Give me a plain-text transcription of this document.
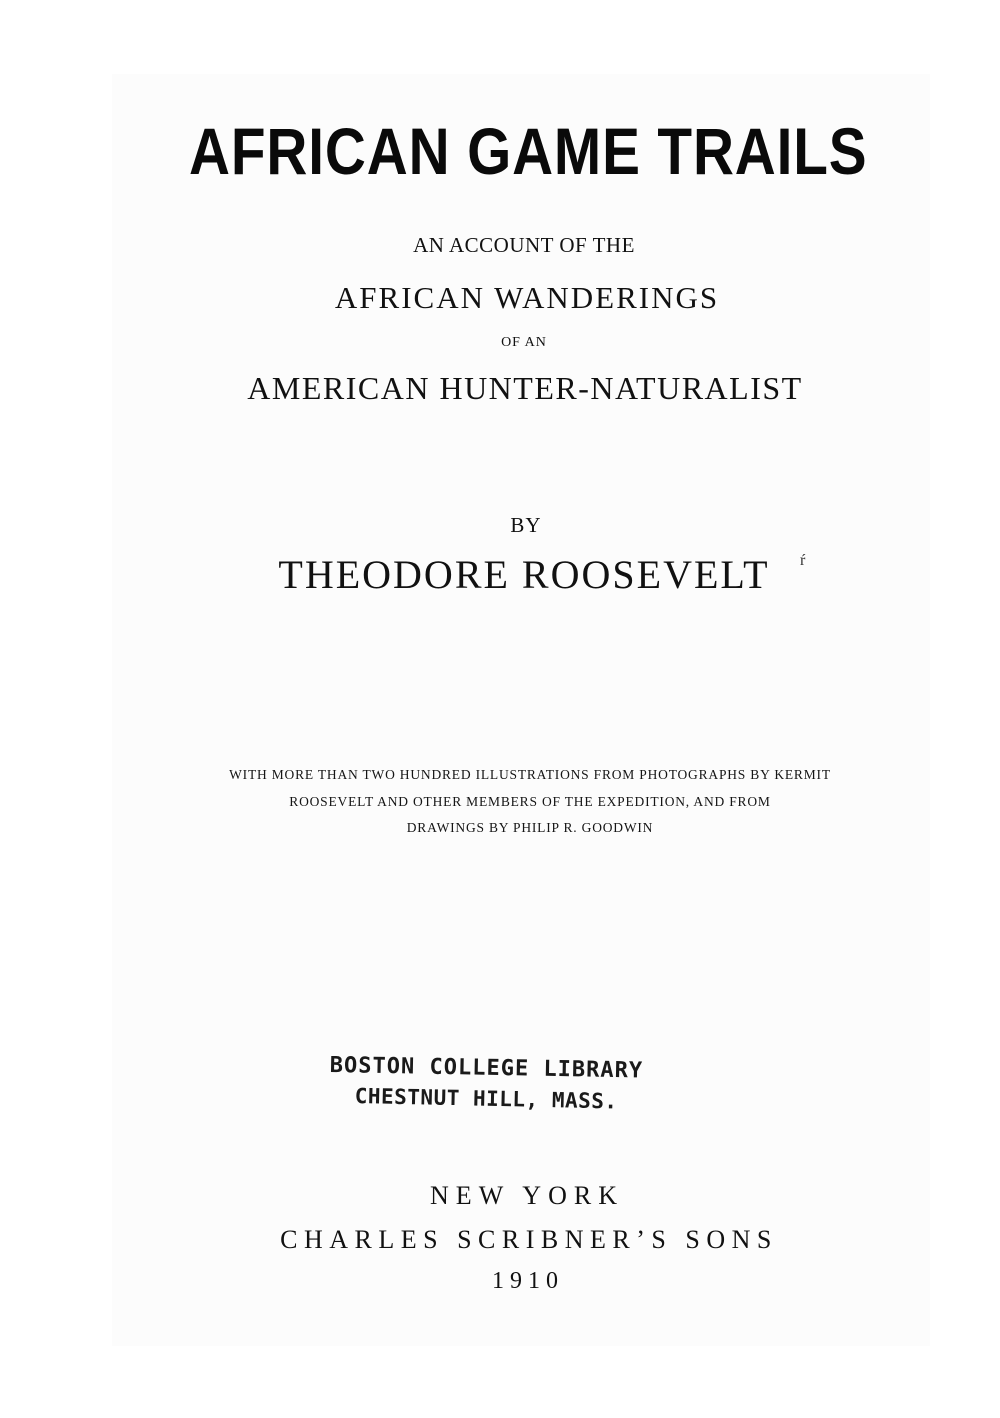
AFRICAN GAME TRAILS
AN ACCOUNT OF THE
AFRICAN WANDERINGS
OF AN
AMERICAN HUNTER-NATURALIST
BY
THEODORE ROOSEVELT	ŕ
WITH MORE THAN TWO HUNDRED ILLUSTRATIONS FROM PHOTOGRAPHS BY KERMIT
ROOSEVELT AND OTHER MEMBERS OF THE EXPEDITION, AND FROM
DRAWINGS BY PHILIP R. GOODWIN
BOSTON COLLEGE LIBRARY
CHESTNUT HILL, MASS.
NEW YORK
CHARLES SCRIBNER’S SONS
1910
